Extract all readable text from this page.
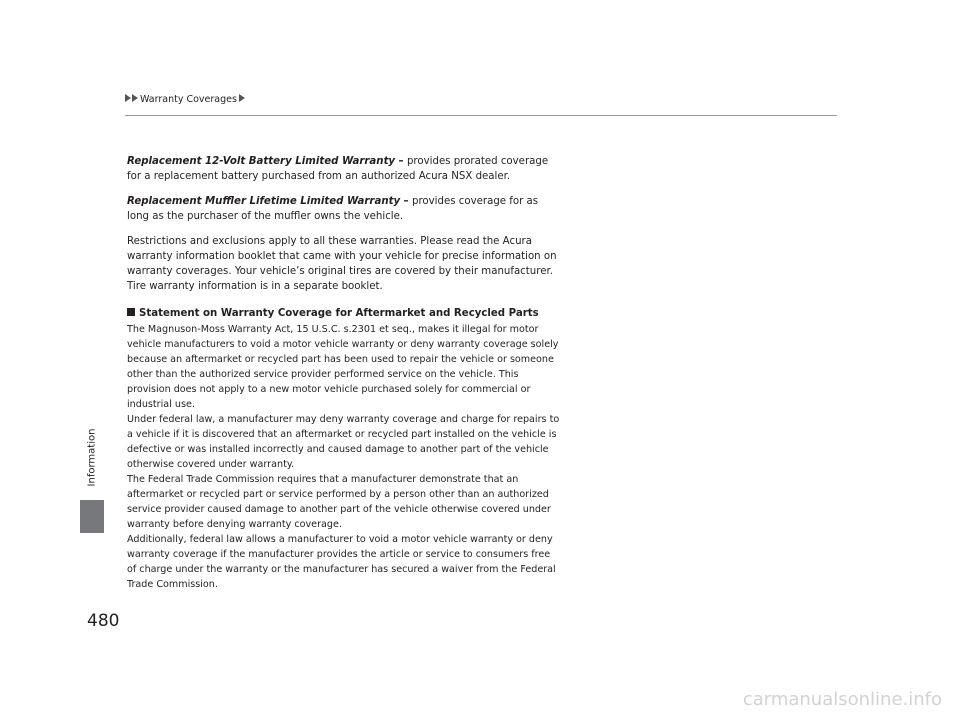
Warranty Coverages
Information
480

Replacement 12-Volt Battery Limited Warranty – provides prorated coverage for a replacement battery purchased from an authorized Acura NSX dealer.

Replacement Muffler Lifetime Limited Warranty – provides coverage for as long as the purchaser of the muffler owns the vehicle.

Restrictions and exclusions apply to all these warranties. Please read the Acura warranty information booklet that came with your vehicle for precise information on warranty coverages. Your vehicle’s original tires are covered by their manufacturer. Tire warranty information is in a separate booklet.

Statement on Warranty Coverage for Aftermarket and Recycled Parts

The Magnuson-Moss Warranty Act, 15 U.S.C. s.2301 et seq., makes it illegal for motor vehicle manufacturers to void a motor vehicle warranty or deny warranty coverage solely because an aftermarket or recycled part has been used to repair the vehicle or someone other than the authorized service provider performed service on the vehicle. This provision does not apply to a new motor vehicle purchased solely for commercial or industrial use.

Under federal law, a manufacturer may deny warranty coverage and charge for repairs to a vehicle if it is discovered that an aftermarket or recycled part installed on the vehicle is defective or was installed incorrectly and caused damage to another part of the vehicle otherwise covered under warranty.

The Federal Trade Commission requires that a manufacturer demonstrate that an aftermarket or recycled part or service performed by a person other than an authorized service provider caused damage to another part of the vehicle otherwise covered under warranty before denying warranty coverage.

Additionally, federal law allows a manufacturer to void a motor vehicle warranty or deny warranty coverage if the manufacturer provides the article or service to consumers free of charge under the warranty or the manufacturer has secured a waiver from the Federal Trade Commission.

carmanualsonline.info
